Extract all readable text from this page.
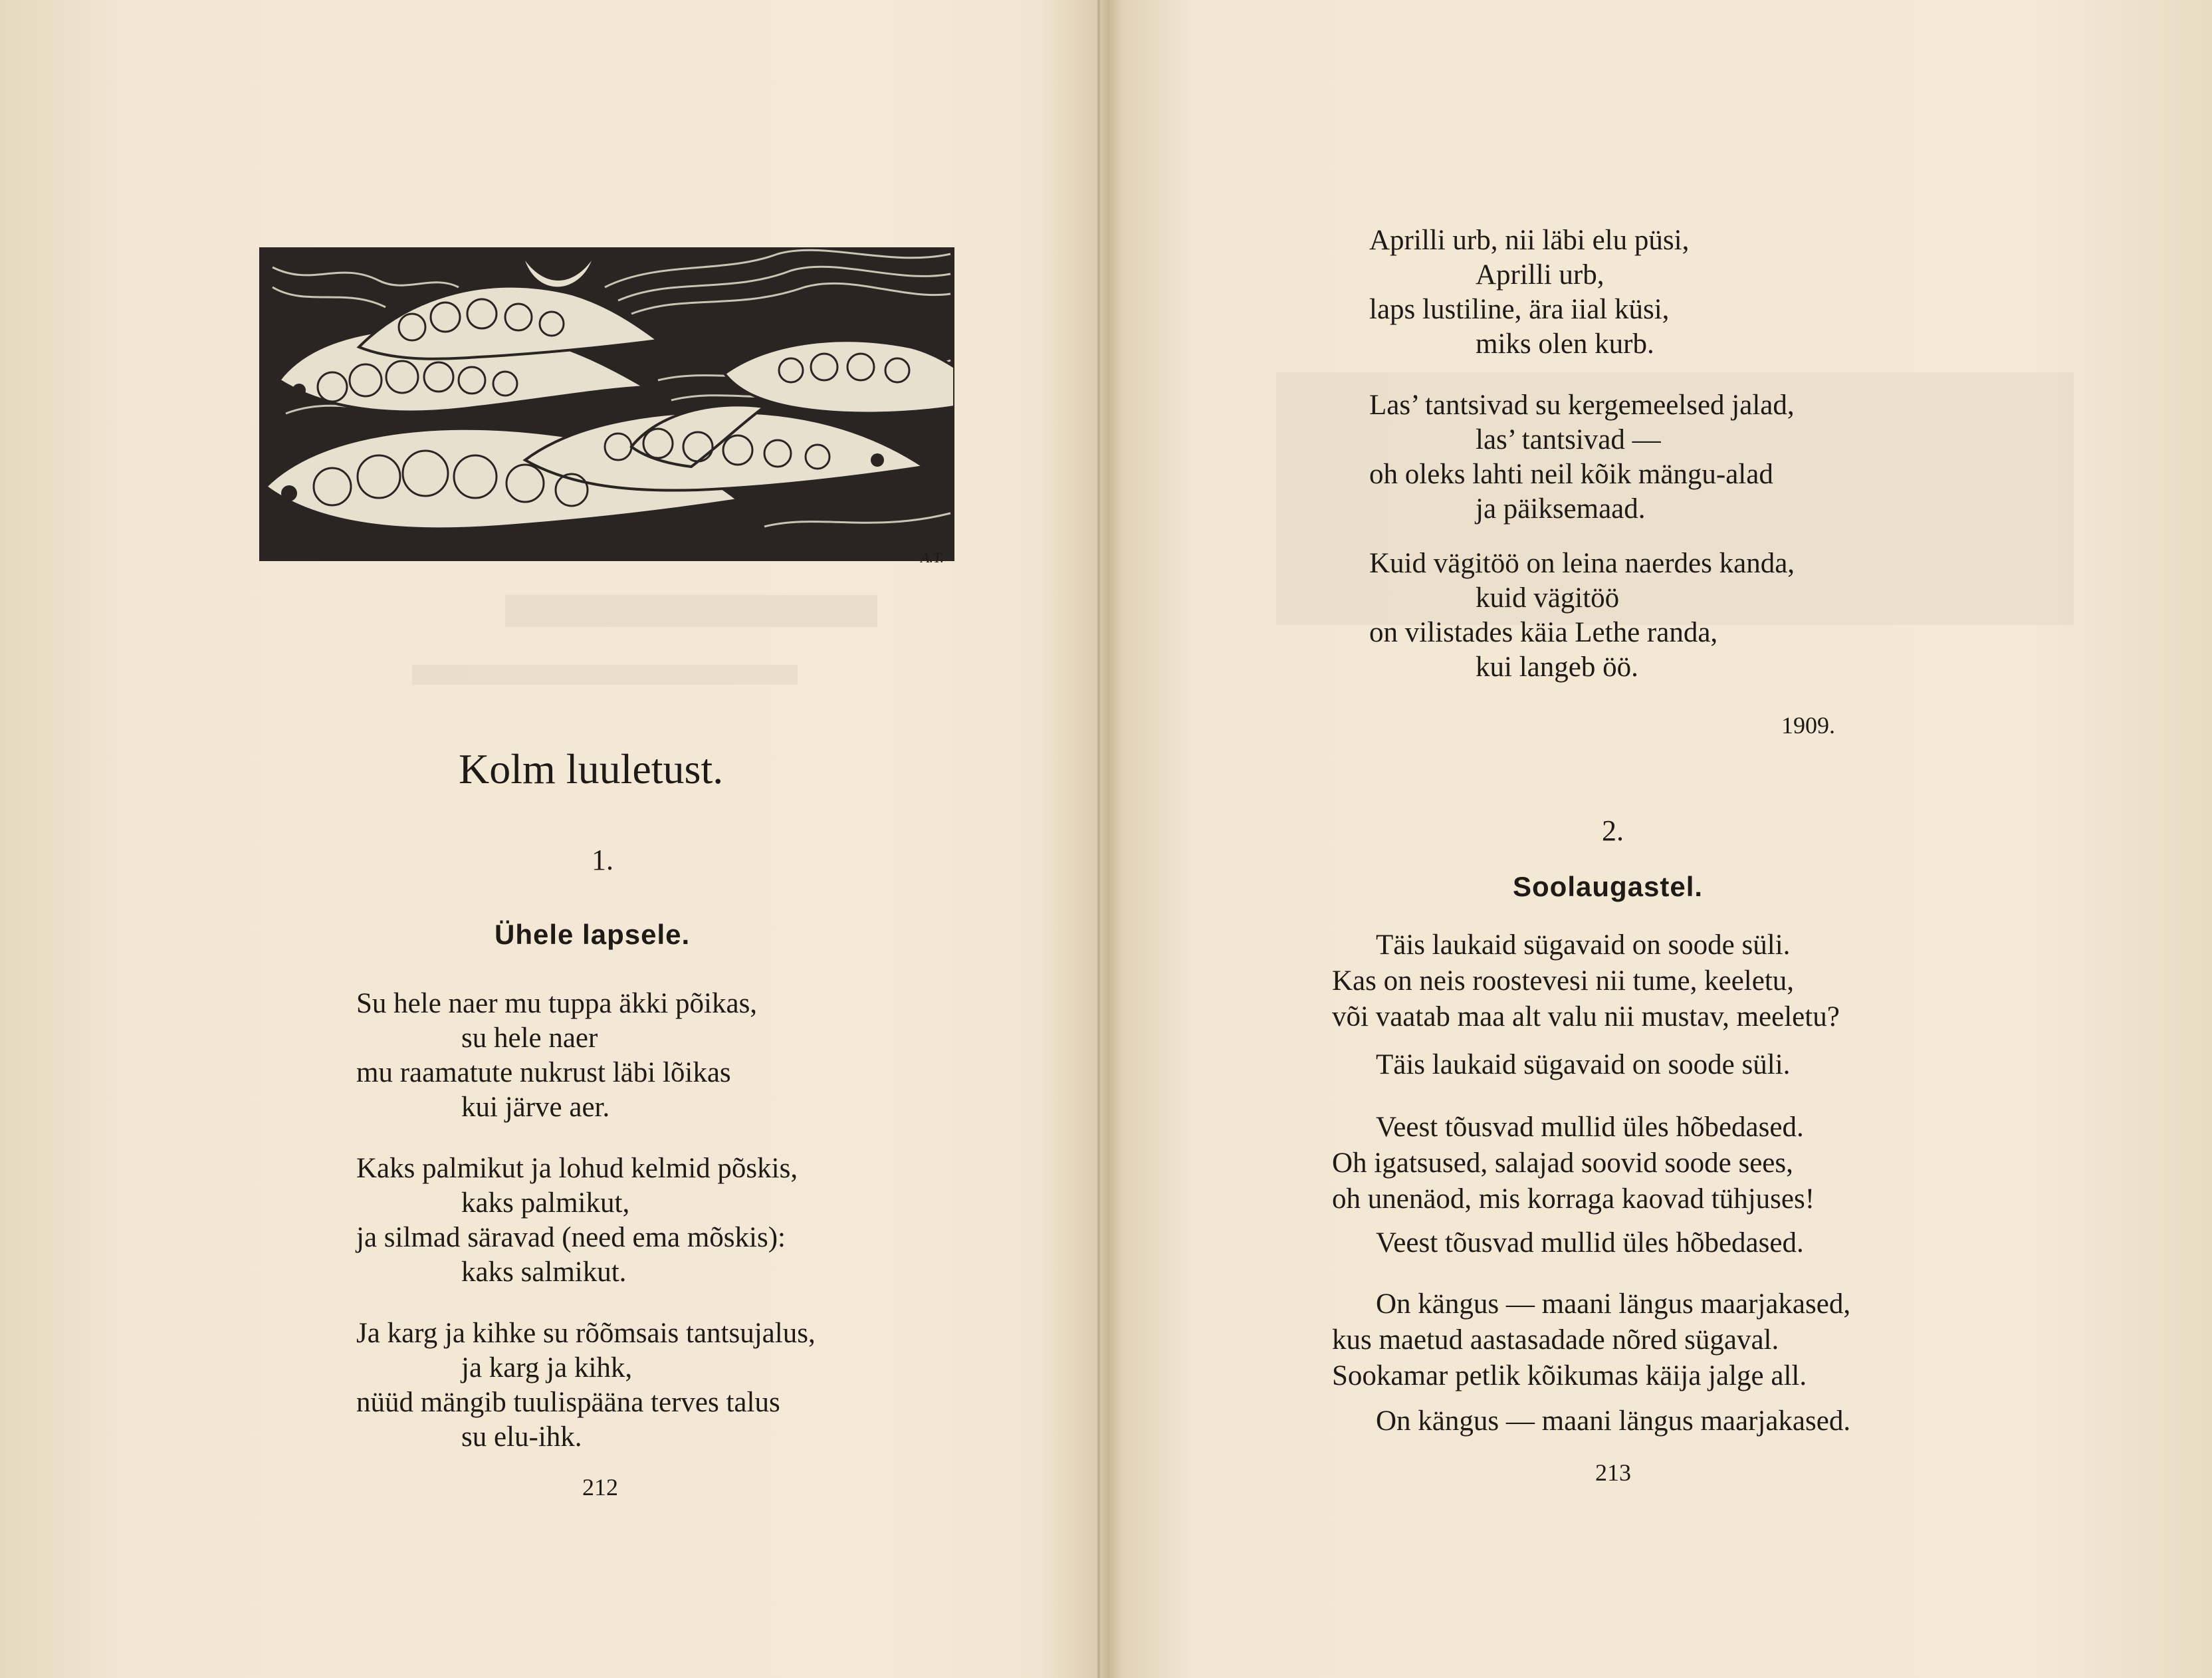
A.T.
Kolm luuletust.
1.
Ühele lapsele.
Su hele naer mu tuppa äkki põikas,
su hele naer
mu raamatute nukrust läbi lõikas
kui järve aer.
Kaks palmikut ja lohud kelmid põskis,
kaks palmikut,
ja silmad säravad (need ema mõskis):
kaks salmikut.
Ja karg ja kihke su rõõmsais tantsujalus,
ja karg ja kihk,
nüüd mängib tuulispääna terves talus
su elu-ihk.
212
Aprilli urb, nii läbi elu püsi,
Aprilli urb,
laps lustiline, ära iial küsi,
miks olen kurb.
Las’ tantsivad su kergemeelsed jalad,
las’ tantsivad —
oh oleks lahti neil kõik mängu-alad
ja päiksemaad.
Kuid vägitöö on leina naerdes kanda,
kuid vägitöö
on vilistades käia Lethe randa,
kui langeb öö.
1909.
2.
Soolaugastel.
Täis laukaid sügavaid on soode süli.
Kas on neis roostevesi nii tume, keeletu,
või vaatab maa alt valu nii mustav, meeletu?
Täis laukaid sügavaid on soode süli.
Veest tõusvad mullid üles hõbedased.
Oh igatsused, salajad soovid soode sees,
oh unenäod, mis korraga kaovad tühjuses!
Veest tõusvad mullid üles hõbedased.
On kängus — maani längus maarjakased,
kus maetud aastasadade nõred sügaval.
Sookamar petlik kõikumas käija jalge all.
On kängus — maani längus maarjakased.
213
